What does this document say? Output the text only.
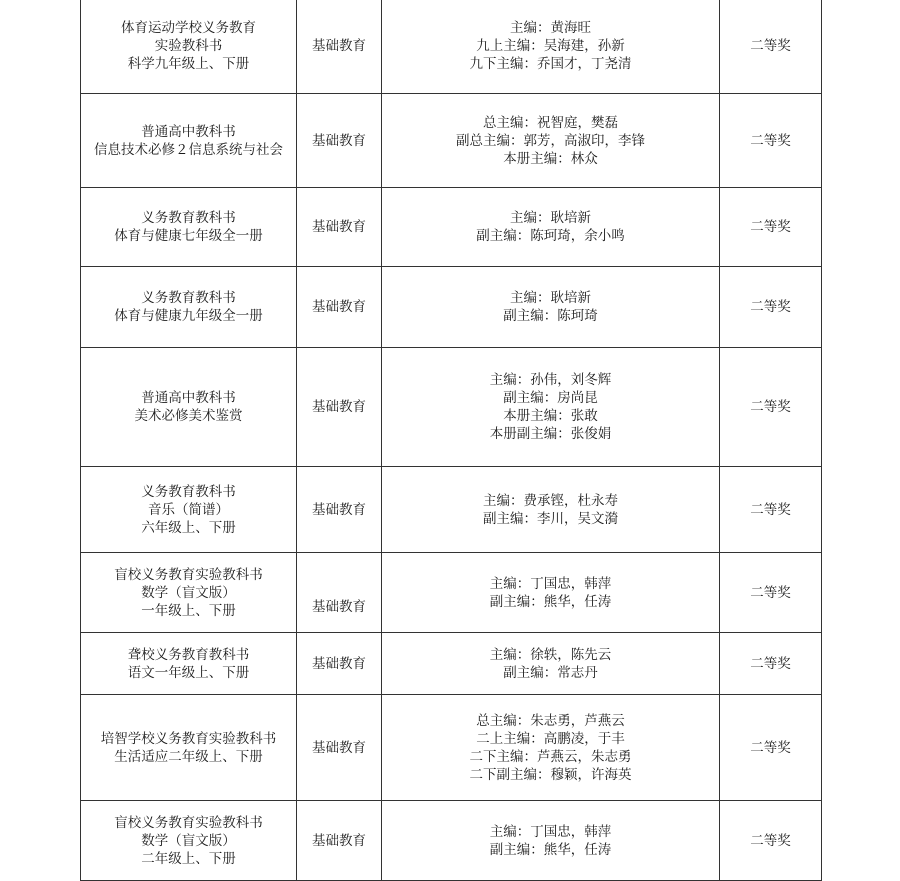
体育运动学校义务教育
实验教科书
科学九年级上、下册	基础教育	主编：黄海旺
九上主编：吴海建，孙新
九下主编：乔国才，丁尧清	二等奖

普通高中教科书
信息技术必修２信息系统与社会	基础教育	总主编：祝智庭，樊磊
副总主编：郭芳，高淑印，李锋
本册主编：林众	二等奖

义务教育教科书
体育与健康七年级全一册	基础教育	主编：耿培新
副主编：陈珂琦，余小鸣	二等奖

义务教育教科书
体育与健康九年级全一册	基础教育	主编：耿培新
副主编：陈珂琦	二等奖

普通高中教科书
美术必修美术鉴赏	基础教育	主编：孙伟，刘冬辉
副主编：房尚昆
本册主编：张敢
本册副主编：张俊娟	二等奖

义务教育教科书
音乐（简谱）
六年级上、下册	基础教育	主编：费承铿，杜永寿
副主编：李川，吴文漪	二等奖

盲校义务教育实验教科书
数学（盲文版）
一年级上、下册	基础教育	主编：丁国忠，韩萍
副主编：熊华，任涛	二等奖

聋校义务教育教科书
语文一年级上、下册	基础教育	主编：徐轶，陈先云
副主编：常志丹	二等奖

培智学校义务教育实验教科书
生活适应二年级上、下册	基础教育	总主编：朱志勇，芦燕云
二上主编：高鹏凌，于丰
二下主编：芦燕云，朱志勇
二下副主编：穆颖，许海英	二等奖

盲校义务教育实验教科书
数学（盲文版）
二年级上、下册	基础教育	主编：丁国忠，韩萍
副主编：熊华，任涛	二等奖
